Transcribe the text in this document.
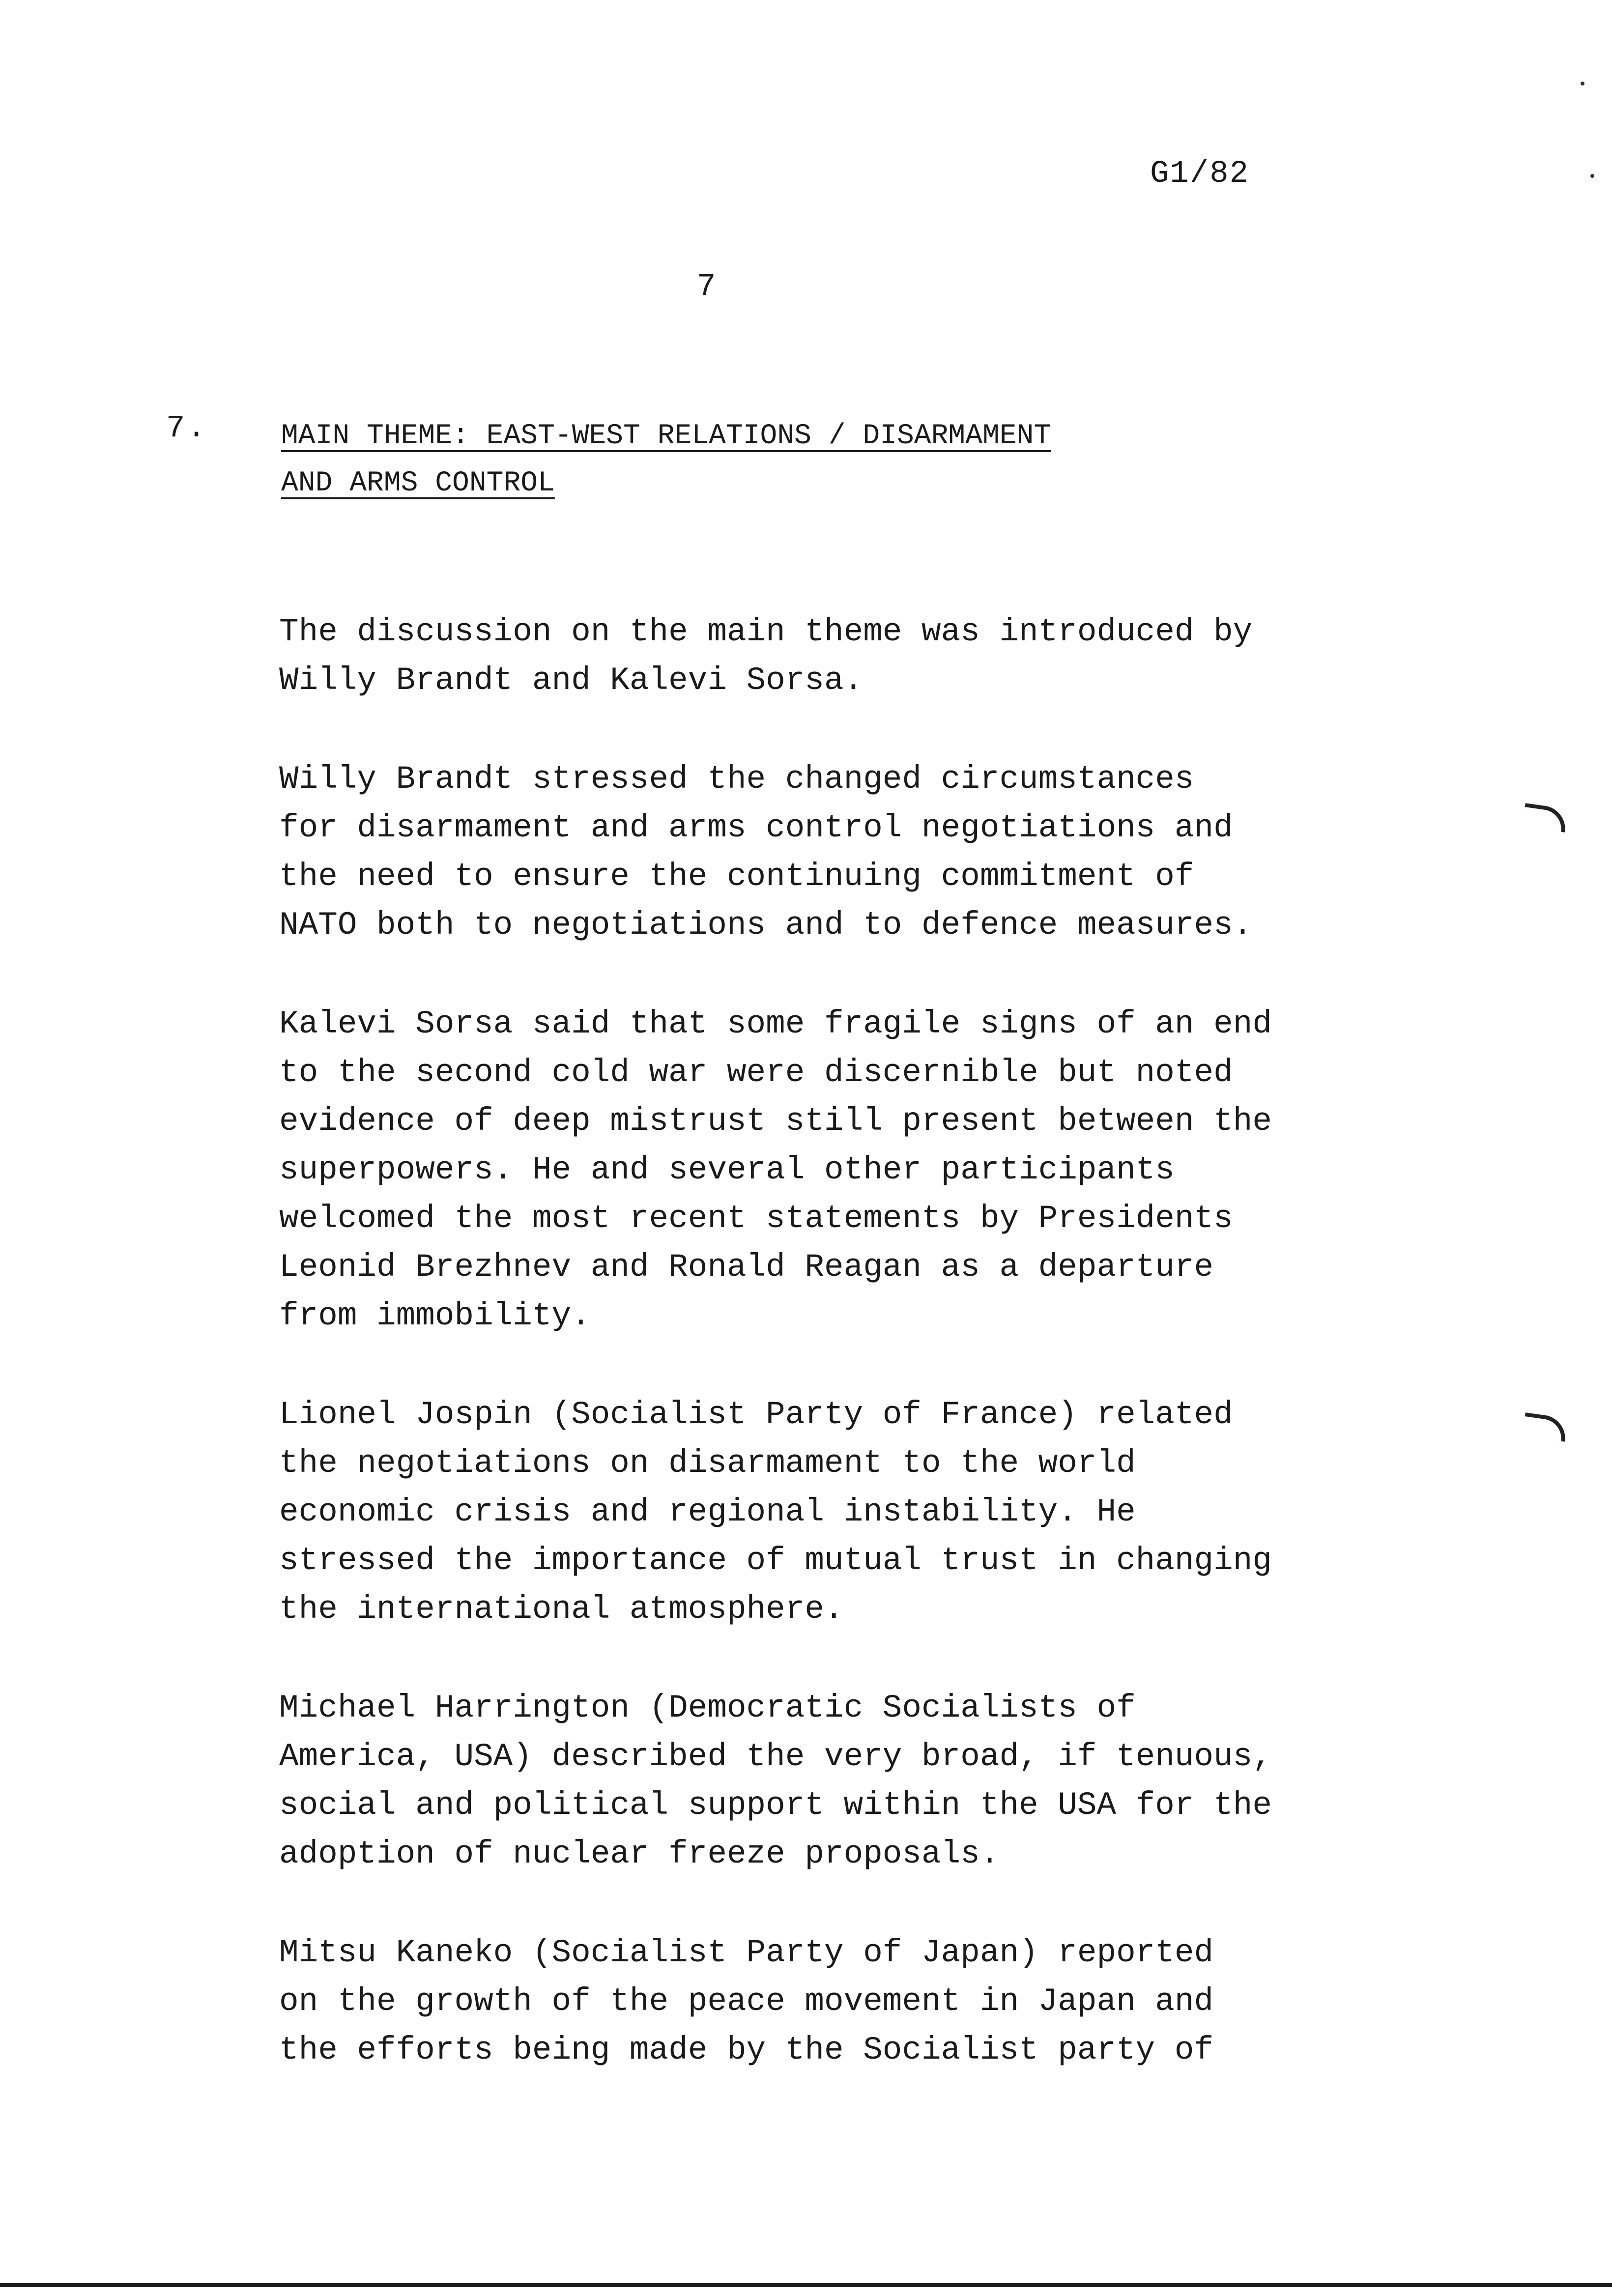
G1/82
7
7.	MAIN THEME: EAST-WEST RELATIONS / DISARMAMENT
AND ARMS CONTROL

The discussion on the main theme was introduced by
Willy Brandt and Kalevi Sorsa.

Willy Brandt stressed the changed circumstances
for disarmament and arms control negotiations and
the need to ensure the continuing commitment of
NATO both to negotiations and to defence measures.

Kalevi Sorsa said that some fragile signs of an end
to the second cold war were discernible but noted
evidence of deep mistrust still present between the
superpowers. He and several other participants
welcomed the most recent statements by Presidents
Leonid Brezhnev and Ronald Reagan as a departure
from immobility.

Lionel Jospin (Socialist Party of France) related
the negotiations on disarmament to the world
economic crisis and regional instability. He
stressed the importance of mutual trust in changing
the international atmosphere.

Michael Harrington (Democratic Socialists of
America, USA) described the very broad, if tenuous,
social and political support within the USA for the
adoption of nuclear freeze proposals.

Mitsu Kaneko (Socialist Party of Japan) reported
on the growth of the peace movement in Japan and
the efforts being made by the Socialist party of
